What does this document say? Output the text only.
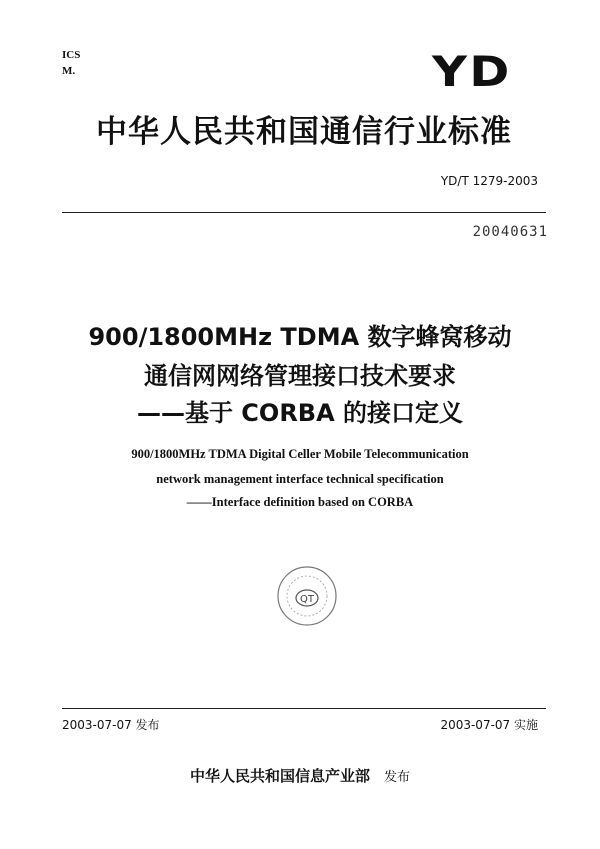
ICS
M.	YD
中华人民共和国通信行业标准
YD/T 1279-2003
20040631
900/1800MHz TDMA 数字蜂窝移动
通信网网络管理接口技术要求
——基于 CORBA 的接口定义
900/1800MHz TDMA Digital Celler Mobile Telecommunication
network management interface technical specification
——Interface definition based on CORBA
QT
2003-07-07 发布	2003-07-07 实施
中华人民共和国信息产业部 发布
